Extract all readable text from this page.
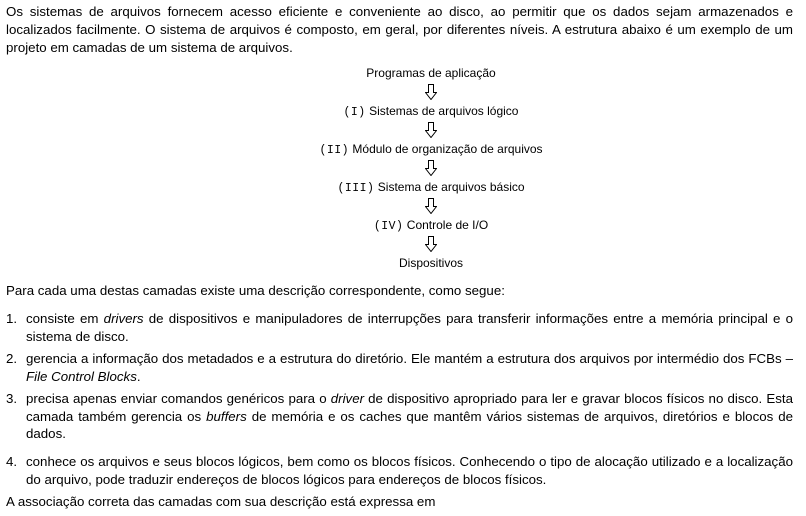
Os sistemas de arquivos fornecem acesso eficiente e conveniente ao disco, ao permitir que os dados sejam armazenados e localizados facilmente. O sistema de arquivos é composto, em geral, por diferentes níveis. A estrutura abaixo é um exemplo de um projeto em camadas de um sistema de arquivos.

Programas de aplicação
(I) Sistemas de arquivos lógico
(II) Módulo de organização de arquivos
(III) Sistema de arquivos básico
(IV) Controle de I/O
Dispositivos

Para cada uma destas camadas existe uma descrição correspondente, como segue:

1. consiste em drivers de dispositivos e manipuladores de interrupções para transferir informações entre a memória principal e o sistema de disco.
2. gerencia a informação dos metadados e a estrutura do diretório. Ele mantém a estrutura dos arquivos por intermédio dos FCBs – File Control Blocks.
3. precisa apenas enviar comandos genéricos para o driver de dispositivo apropriado para ler e gravar blocos físicos no disco. Esta camada também gerencia os buffers de memória e os caches que mantêm vários sistemas de arquivos, diretórios e blocos de dados.
4. conhece os arquivos e seus blocos lógicos, bem como os blocos físicos. Conhecendo o tipo de alocação utilizado e a localização do arquivo, pode traduzir endereços de blocos lógicos para endereços de blocos físicos.

A associação correta das camadas com sua descrição está expressa em
